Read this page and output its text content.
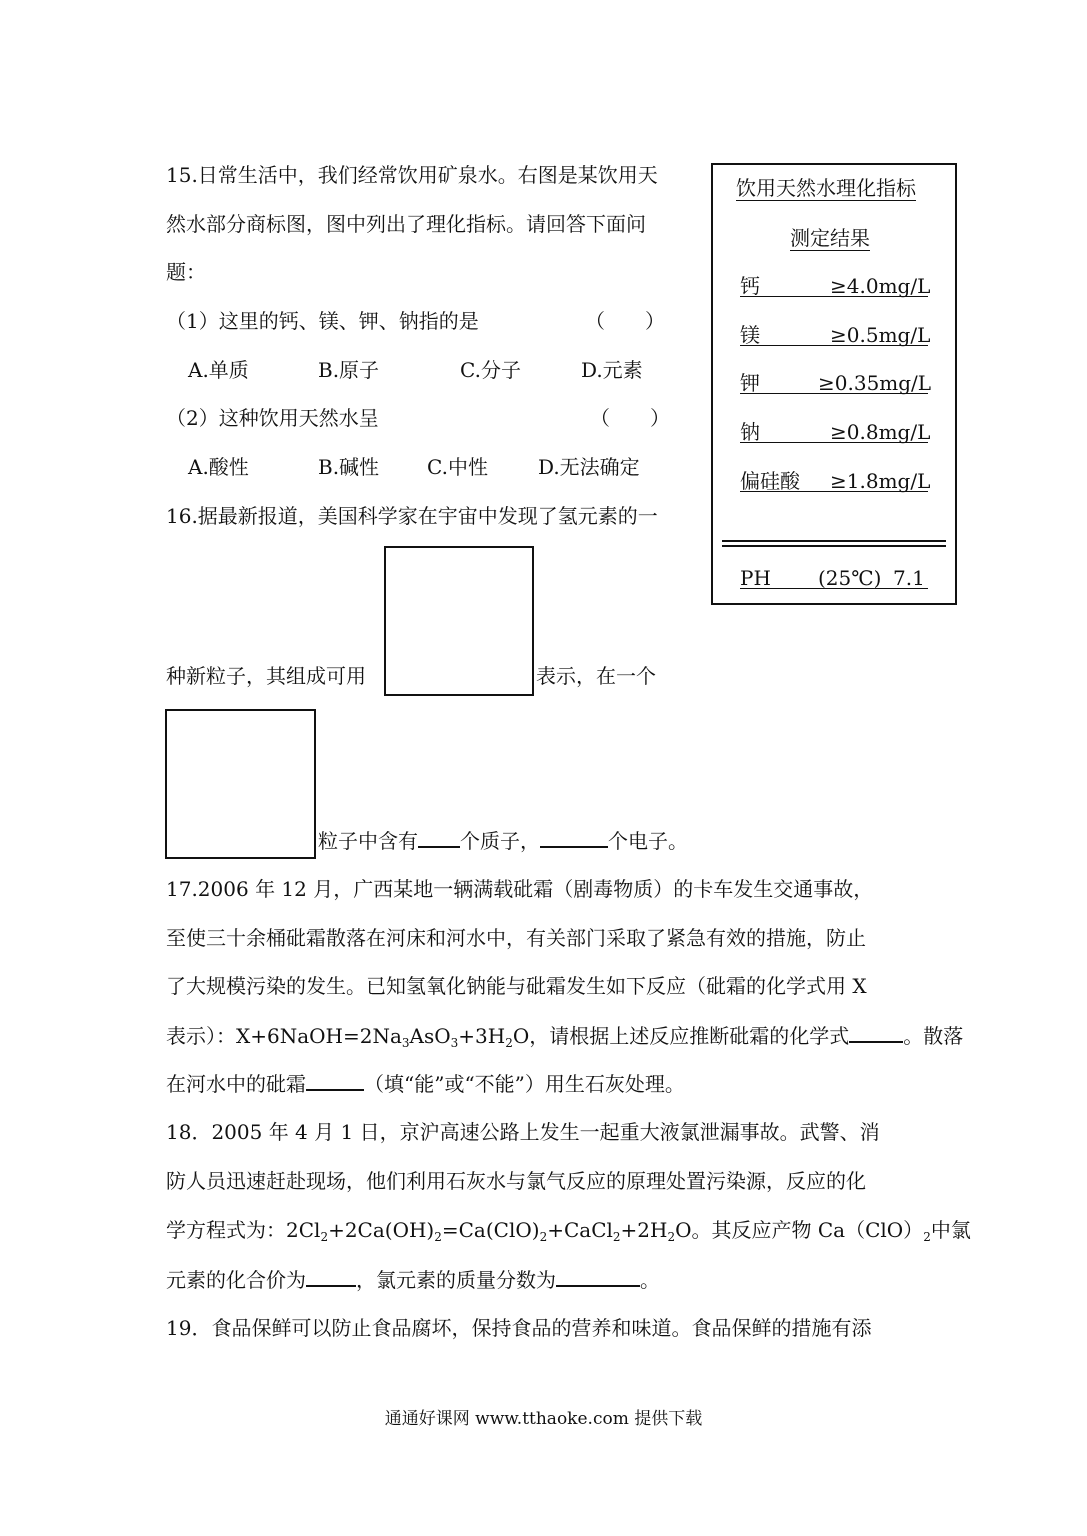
15.日常生活中，我们经常饮用矿泉水。右图是某饮用天
然水部分商标图，图中列出了理化指标。请回答下面问
题：
（1）这里的钙、镁、钾、钠指的是	（　　）
A.单质	B.原子	C.分子	D.元素
（2）这种饮用天然水呈	（　　）
A.酸性	B.碱性 C.中性	D.无法确定
饮用天然水理化指标
测定结果
钙	≥4.0mg/L
镁	≥0.5mg/L
钾	≥0.35mg/L
钠	≥0.8mg/L
偏硅酸 ≥1.8mg/L
PH (25℃) 7.1
16.据最新报道，美国科学家在宇宙中发现了氢元素的一
种新粒子，其组成可用	表示，在一个
粒子中含有 个质子，	个电子。
17.2006 年 12 月，广西某地一辆满载砒霜（剧毒物质）的卡车发生交通事故，
至使三十余桶砒霜散落在河床和河水中，有关部门采取了紧急有效的措施，防止
了大规模污染的发生。已知氢氧化钠能与砒霜发生如下反应（砒霜的化学式用 X
表示）：$X+6NaOH=2Na_3AsO_3+3H_2O$，请根据上述反应推断砒霜的化学式	。散落
在河水中的砒霜	（填“能”或“不能”）用生石灰处理。
18．2005 年 4 月 1 日，京沪高速公路上发生一起重大液氯泄漏事故。武警、消
防人员迅速赶赴现场，他们利用石灰水与氯气反应的原理处置污染源，反应的化
学方程式为：$2Cl_2+2Ca(OH)_2=Ca(ClO)_2+CaCl_2+2H_2O$。其反应产物 $Ca(ClO)_2$中氯
元素的化合价为	，氯元素的质量分数为	。
19．食品保鲜可以防止食品腐坏，保持食品的营养和味道。食品保鲜的措施有添
通通好课网 www.tthaoke.com 提供下载
